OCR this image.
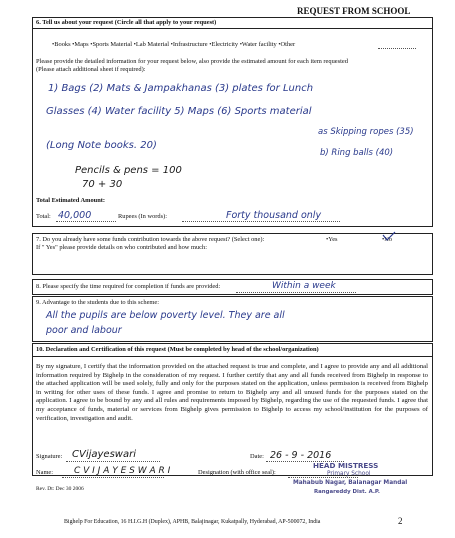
REQUEST FROM SCHOOL
6. Tell us about your request (Circle all that apply to your request)
•Books •Maps •Sports Material •Lab Material •Infrastructure •Electricity •Water facility •Other
Please provide the detailed information for your request below, also provide the estimated amount for each item requested
(Please attach additional sheet if required):
1) Bags (2) Mats & Jampakhanas (3) plates for Lunch
Glasses (4) Water facility 5) Maps (6) Sports material
as Skipping ropes (35)
(Long Note books. 20)
b) Ring balls (40)
Pencils & pens = 100
70 + 30
Total Estimated Amount:
Total: 40,000	Rupees (In words):	Forty thousand only
7. Do you already have some funds contribution towards the above request? (Select one):	•Yes	•No
If " Yes" please provide details on who contributed and how much:
8. Please specify the time required for completion if funds are provided:	Within a week
9. Advantage to the students due to this scheme:
All the pupils are below poverty level. They are all
poor and labour
10. Declaration and Certification of this request (Must be completed by head of the school/organization)
By my signature, I certify that the information provided on the attached request is true and complete, and I agree to provide any and all additional information required by Bighelp in the consideration of my request. I further certify that any and all funds received from Bighelp in response to the attached application will be used solely, fully and only for the purposes stated on the application, unless permission is received from Bighelp in writing for other uses of these funds. I agree and promise to return to Bighelp any and all unused funds for the purposes stated on the application. I agree to be bound by any and all rules and requirements imposed by Bighelp, regarding the use of the requested funds. I agree that my acceptance of funds, material or services from Bighelp gives permission to Bighelp to access my school/institution for the purposes of verification, investigation and audit.
Signature: CVijayeswari	Date: 26 - 9 - 2016
Name: C V I J A Y E S W A R I	Designation (with office seal):
HEAD MISTRESS
Primary School
Mahabub Nagar, Balanagar Mandal
Rangareddy Dist. A.P.
Rev. Dt: Dec 30 2006
Bighelp For Education, 16 H.I.G.H (Duplex), APHB, Balajinagar, Kukatpally, Hyderabad, AP-500072, India	2
